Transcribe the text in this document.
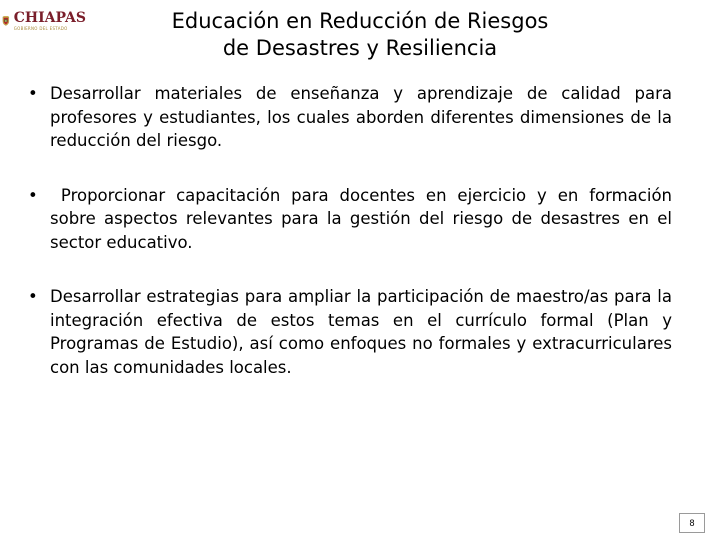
CHIAPAS
GOBIERNO DEL ESTADO	Educación en Reducción de Riesgos
de Desastres y Resiliencia
• Desarrollar materiales de enseñanza y aprendizaje de calidad para profesores y estudiantes, los cuales aborden diferentes dimensiones de la reducción del riesgo.
• Proporcionar capacitación para docentes en ejercicio y en formación sobre aspectos relevantes para la gestión del riesgo de desastres en el sector educativo.
• Desarrollar estrategias para ampliar la participación de maestro/as para la integración efectiva de estos temas en el currículo formal (Plan y Programas de Estudio), así como enfoques no formales y extracurriculares con las comunidades locales.
8
